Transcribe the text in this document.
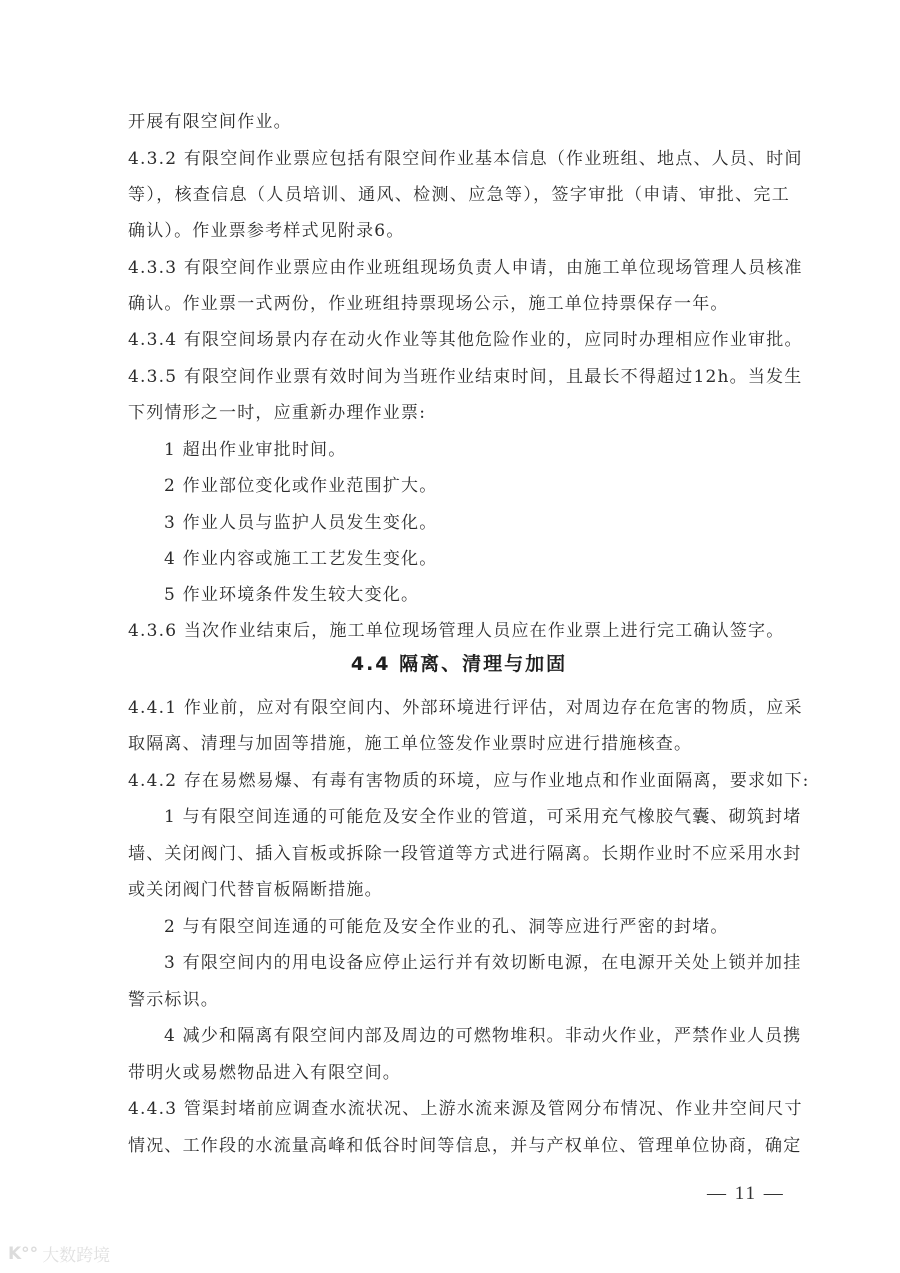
开展有限空间作业。
4.3.2 有限空间作业票应包括有限空间作业基本信息（作业班组、地点、人员、时间
等），核查信息（人员培训、通风、检测、应急等），签字审批（申请、审批、完工
确认）。作业票参考样式见附录6。
4.3.3 有限空间作业票应由作业班组现场负责人申请，由施工单位现场管理人员核准
确认。作业票一式两份，作业班组持票现场公示，施工单位持票保存一年。
4.3.4 有限空间场景内存在动火作业等其他危险作业的，应同时办理相应作业审批。
4.3.5 有限空间作业票有效时间为当班作业结束时间，且最长不得超过12h。当发生
下列情形之一时，应重新办理作业票:
1 超出作业审批时间。
2 作业部位变化或作业范围扩大。
3 作业人员与监护人员发生变化。
4 作业内容或施工工艺发生变化。
5 作业环境条件发生较大变化。
4.3.6 当次作业结束后，施工单位现场管理人员应在作业票上进行完工确认签字。
4.4 隔离、清理与加固
4.4.1 作业前，应对有限空间内、外部环境进行评估，对周边存在危害的物质，应采
取隔离、清理与加固等措施，施工单位签发作业票时应进行措施核查。
4.4.2 存在易燃易爆、有毒有害物质的环境，应与作业地点和作业面隔离，要求如下:
1 与有限空间连通的可能危及安全作业的管道，可采用充气橡胶气囊、砌筑封堵
墙、关闭阀门、插入盲板或拆除一段管道等方式进行隔离。长期作业时不应采用水封
或关闭阀门代替盲板隔断措施。
2 与有限空间连通的可能危及安全作业的孔、洞等应进行严密的封堵。
3 有限空间内的用电设备应停止运行并有效切断电源，在电源开关处上锁并加挂
警示标识。
4 减少和隔离有限空间内部及周边的可燃物堆积。非动火作业，严禁作业人员携
带明火或易燃物品进入有限空间。
4.4.3 管渠封堵前应调查水流状况、上游水流来源及管网分布情况、作业井空间尺寸
情况、工作段的水流量高峰和低谷时间等信息，并与产权单位、管理单位协商，确定
— 11 —
K°° 大数跨境
